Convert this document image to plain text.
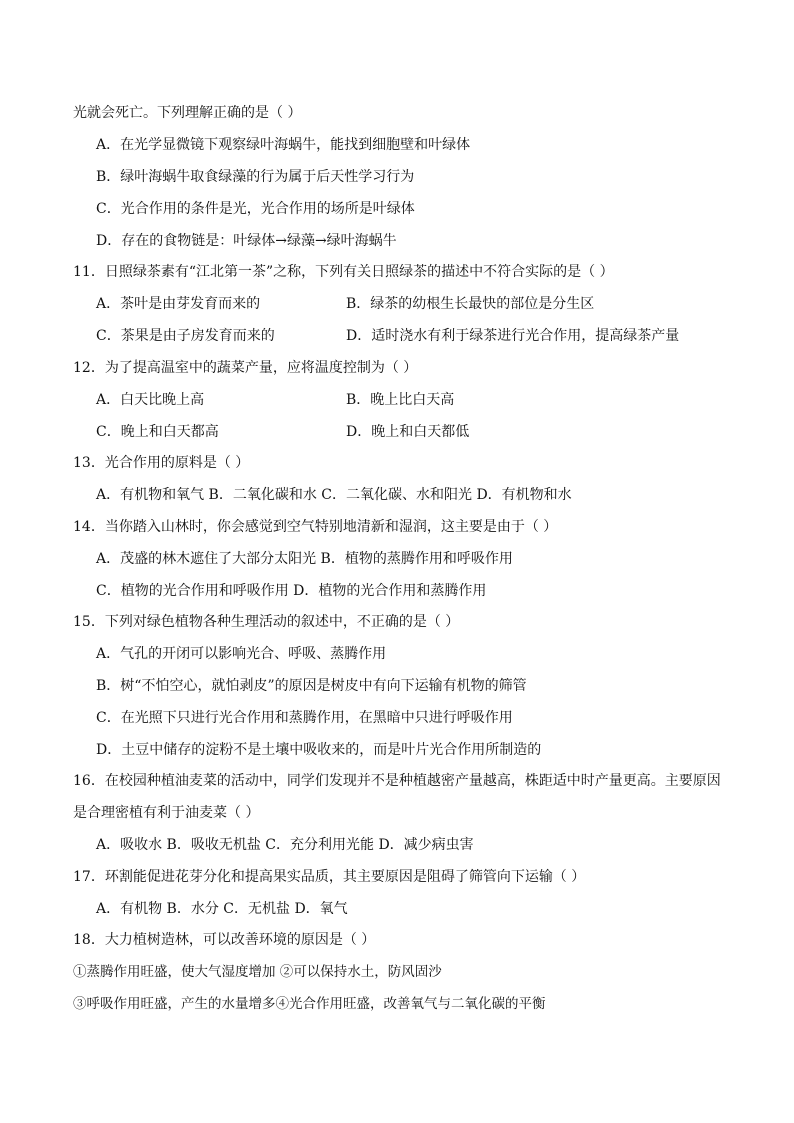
光就会死亡。下列理解正确的是（ ）
A．在光学显微镜下观察绿叶海蜗牛，能找到细胞壁和叶绿体
B．绿叶海蜗牛取食绿藻的行为属于后天性学习行为
C．光合作用的条件是光，光合作用的场所是叶绿体
D．存在的食物链是：叶绿体→绿藻→绿叶海蜗牛
11．日照绿茶素有“江北第一茶”之称，下列有关日照绿茶的描述中不符合实际的是（ ）
A．茶叶是由芽发育而来的	B．绿茶的幼根生长最快的部位是分生区
C．茶果是由子房发育而来的	D．适时浇水有利于绿茶进行光合作用，提高绿茶产量
12．为了提高温室中的蔬菜产量，应将温度控制为（ ）
A．白天比晚上高	B．晚上比白天高
C．晚上和白天都高	D．晚上和白天都低
13．光合作用的原料是（ ）
A．有机物和氧气 B．二氧化碳和水 C．二氧化碳、水和阳光 D．有机物和水
14．当你踏入山林时，你会感觉到空气特别地清新和湿润，这主要是由于（ ）
A．茂盛的林木遮住了大部分太阳光 B．植物的蒸腾作用和呼吸作用
C．植物的光合作用和呼吸作用 D．植物的光合作用和蒸腾作用
15．下列对绿色植物各种生理活动的叙述中，不正确的是（ ）
A．气孔的开闭可以影响光合、呼吸、蒸腾作用
B．树“不怕空心，就怕剥皮”的原因是树皮中有向下运输有机物的筛管
C．在光照下只进行光合作用和蒸腾作用，在黑暗中只进行呼吸作用
D．土豆中储存的淀粉不是土壤中吸收来的，而是叶片光合作用所制造的
16．在校园种植油麦菜的活动中，同学们发现并不是种植越密产量越高，株距适中时产量更高。主要原因
是合理密植有利于油麦菜（ ）
A．吸收水 B．吸收无机盐 C．充分利用光能 D．减少病虫害
17．环割能促进花芽分化和提高果实品质，其主要原因是阻碍了筛管向下运输（ ）
A．有机物 B．水分 C．无机盐 D．氧气
18．大力植树造林，可以改善环境的原因是（ ）
①蒸腾作用旺盛，使大气湿度增加 ②可以保持水土，防风固沙
③呼吸作用旺盛，产生的水量增多④光合作用旺盛，改善氧气与二氧化碳的平衡
